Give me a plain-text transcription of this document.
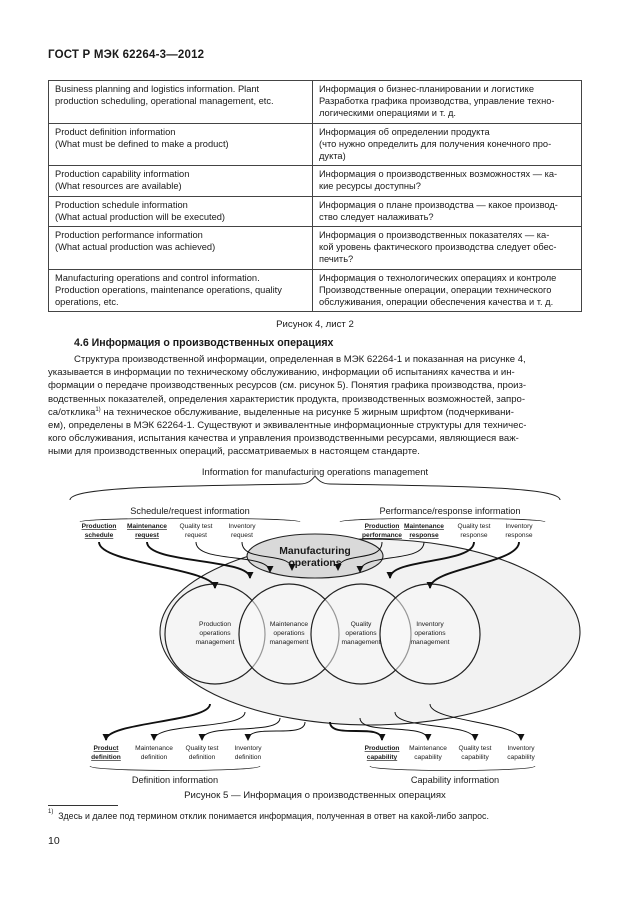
ГОСТ Р МЭК 62264-3—2012
Business planning and logistics information. Plant
production scheduling, operational management, etc.	Информация о бизнес-планировании и логистике
Разработка графика производства, управление техно-
логическими операциями и т. д.

Product definition information
(What must be defined to make a product)	Информация об определении продукта
(что нужно определить для получения конечного про-
дукта)

Production capability information
(What resources are available)	Информация о производственных возможностях — ка-
кие ресурсы доступны?

Production schedule information
(What actual production will be executed)	Информация о плане производства — какое производ-
ство следует налаживать?

Production performance information
(What actual production was achieved)	Информация о производственных показателях — ка-
кой уровень фактического производства следует обес-
печить?

Manufacturing operations and control information.
Production operations, maintenance operations, quality
operations, etc.	Информация о технологических операциях и контроле
Производственные операции, операции технического
обслуживания, операции обеспечения качества и т. д.
Рисунок 4, лист 2
4.6 Информация о производственных операциях
Структура производственной информации, определенная в МЭК 62264-1 и показанная на рисунке 4,
указывается в информации по техническому обслуживанию, информации об испытаниях качества и ин-
формации о передаче производственных ресурсов (см. рисунок 5). Понятия графика производства, произ-
водственных показателей, определения характеристик продукта, производственных возможностей, запро-
са/отклика$^{1)}$ на техническое обслуживание, выделенные на рисунке 5 жирным шрифтом (подчеркивани-
ем), определены в МЭК 62264-1. Существуют и эквивалентные информационные структуры для техничес-
кого обслуживания, испытания качества и управления производственными ресурсами, являющиеся важ-
ными для производственных операций, рассматриваемых в настоящем стандарте.
Information for manufacturing operations management
Schedule/request information	Performance/response information
Manufacturing
operations
Production
operations
management
Maintenance
operations
management
Quality
operations
management
Inventory
operations
management
Production
schedule
Maintenance
request
Quality test
request
Inventory
request
Production
performance
Maintenance
response
Quality test
response
Inventory
response
Product
definition
Maintenance
definition
Quality test
definition
Inventory
definition
Production
capability
Maintenance
capability
Quality test
capability
Inventory
capability
Definition information	Capability information
Рисунок 5 — Информация о производственных операциях
$^{1)}$ Здесь и далее под термином отклик понимается информация, полученная в ответ на какой-либо запрос.
10
